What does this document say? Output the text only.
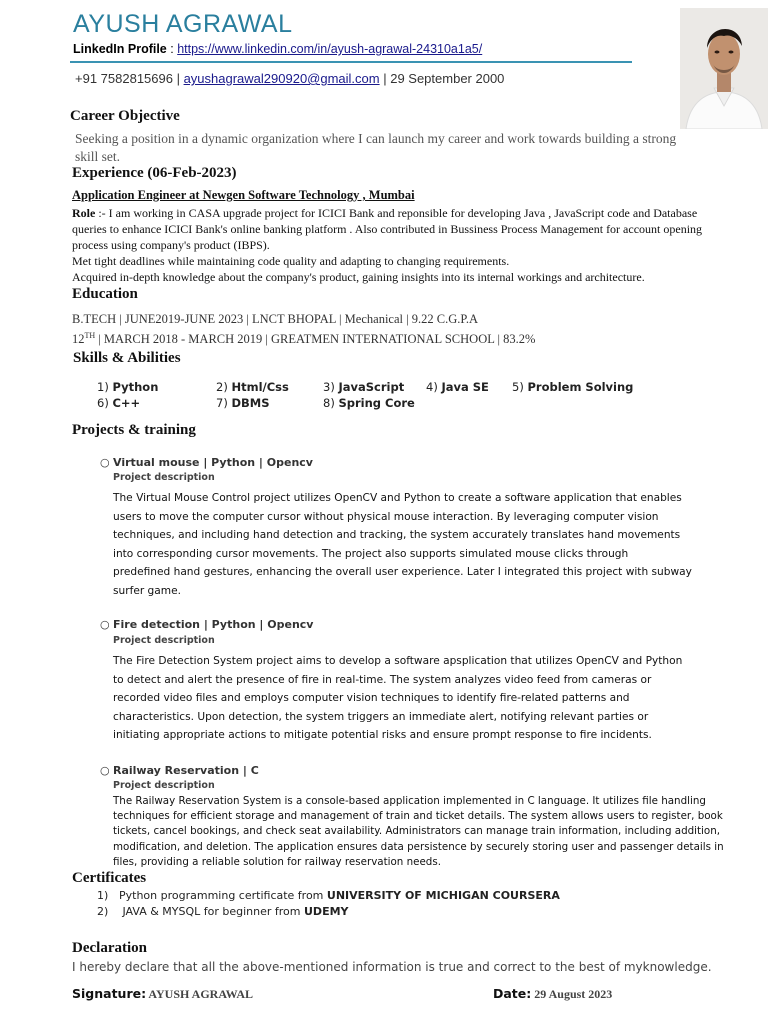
AYUSH AGRAWAL
LinkedIn Profile : https://www.linkedin.com/in/ayush-agrawal-24310a1a5/
+91 7582815696 | ayushagrawal290920@gmail.com | 29 September 2000
Career Objective
Seeking a position in a dynamic organization where I can launch my career and work towards building a strong
skill set.
Experience (06-Feb-2023)
Application Engineer at Newgen Software Technology , Mumbai
Role :- I am working in CASA upgrade project for ICICI Bank and reponsible for developing Java , JavaScript code and Database
queries to enhance ICICI Bank's online banking platform . Also contributed in Bussiness Process Management for account opening
process using company's product (IBPS).
Met tight deadlines while maintaining code quality and adapting to changing requirements.
Acquired in-depth knowledge about the company's product, gaining insights into its internal workings and architecture.
Education
B.TECH | JUNE2019-JUNE 2023 | LNCT BHOPAL | Mechanical | 9.22 C.G.P.A
12TH | MARCH 2018 - MARCH 2019 | GREATMEN INTERNATIONAL SCHOOL | 83.2%
Skills & Abilities
1) Python	2) Html/Css	3) JavaScript 4) Java SE 5) Problem Solving
6) C++	7) DBMS	8) Spring Core
Projects & training
○ Virtual mouse | Python | Opencv
Project description
The Virtual Mouse Control project utilizes OpenCV and Python to create a software application that enables
users to move the computer cursor without physical mouse interaction. By leveraging computer vision
techniques, and including hand detection and tracking, the system accurately translates hand movements
into corresponding cursor movements. The project also supports simulated mouse clicks through
predefined hand gestures, enhancing the overall user experience. Later I integrated this project with subway
surfer game.
○ Fire detection | Python | Opencv
Project description
The Fire Detection System project aims to develop a software apsplication that utilizes OpenCV and Python
to detect and alert the presence of fire in real-time. The system analyzes video feed from cameras or
recorded video files and employs computer vision techniques to identify fire-related patterns and
characteristics. Upon detection, the system triggers an immediate alert, notifying relevant parties or
initiating appropriate actions to mitigate potential risks and ensure prompt response to fire incidents.
○ Railway Reservation | C
Project description
The Railway Reservation System is a console-based application implemented in C language. It utilizes file handling
techniques for efficient storage and management of train and ticket details. The system allows users to register, book
tickets, cancel bookings, and check seat availability. Administrators can manage train information, including addition,
modification, and deletion. The application ensures data persistence by securely storing user and passenger details in
files, providing a reliable solution for railway reservation needs.
Certificates
1) Python programming certificate from UNIVERSITY OF MICHIGAN COURSERA
2) JAVA & MYSQL for beginner from UDEMY
Declaration
I hereby declare that all the above-mentioned information is true and correct to the best of myknowledge.
Signature: AYUSH AGRAWAL	Date: 29 August 2023
